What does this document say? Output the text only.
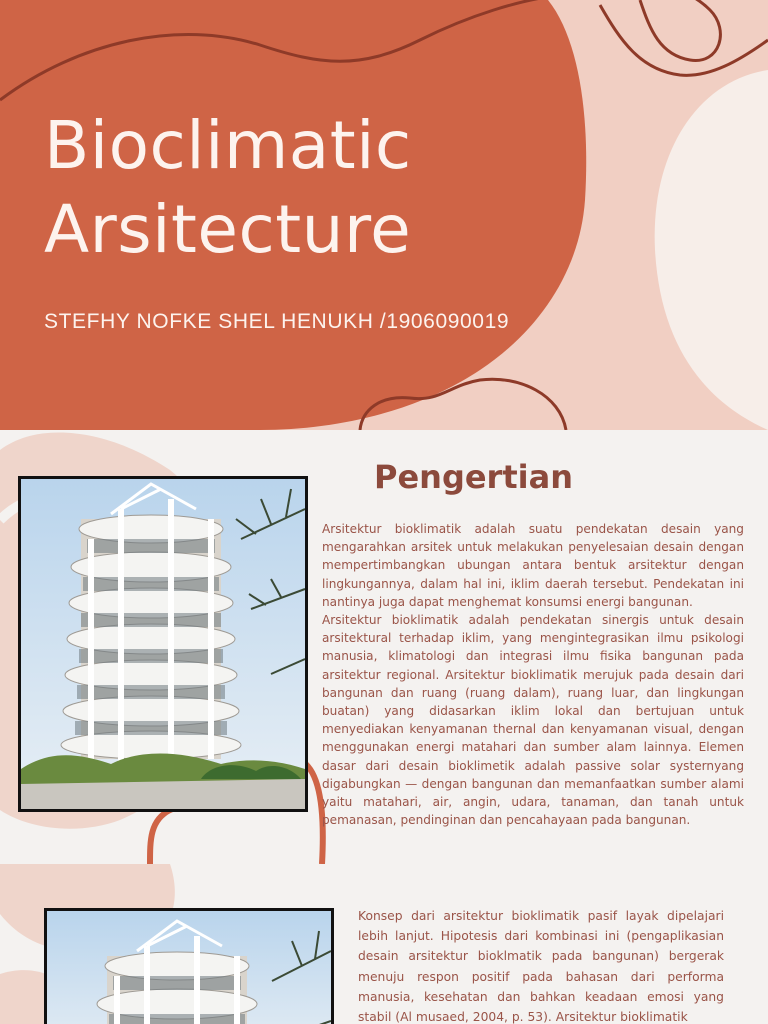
Bioclimatic
Arsitecture
STEFHY NOFKE SHEL HENUKH /1906090019
Pengertian

Arsitektur bioklimatik adalah suatu pendekatan desain yang mengarahkan arsitek untuk melakukan penyelesaian desain dengan mempertimbangkan ubungan antara bentuk arsitektur dengan lingkungannya, dalam hal ini, iklim daerah tersebut. Pendekatan ini nantinya juga dapat menghemat konsumsi energi bangunan.

Arsitektur bioklimatik adalah pendekatan sinergis untuk desain arsitektural terhadap iklim, yang mengintegrasikan ilmu psikologi manusia, klimatologi dan integrasi ilmu fisika bangunan pada arsitektur regional. Arsitektur bioklimatik merujuk pada desain dari bangunan dan ruang (ruang dalam), ruang luar, dan lingkungan buatan) yang didasarkan iklim lokal dan bertujuan untuk menyediakan kenyamanan thernal dan kenyamanan visual, dengan menggunakan energi matahari dan sumber alam lainnya. Elemen dasar dari desain bioklimetik adalah passive solar systernyang digabungkan — dengan bangunan dan memanfaatkan sumber alami yaitu matahari, air, angin, udara, tanaman, dan tanah untuk pemanasan, pendinginan dan pencahayaan pada bangunan.

Konsep dari arsitektur bioklimatik pasif layak dipelajari lebih lanjut. Hipotesis dari kombinasi ini (pengaplikasian desain arsitektur bioklmatik pada bangunan) bergerak menuju respon positif pada bahasan dari performa manusia, kesehatan dan bahkan keadaan emosi yang stabil (Al musaed, 2004, p. 53). Arsitektur bioklimatik
